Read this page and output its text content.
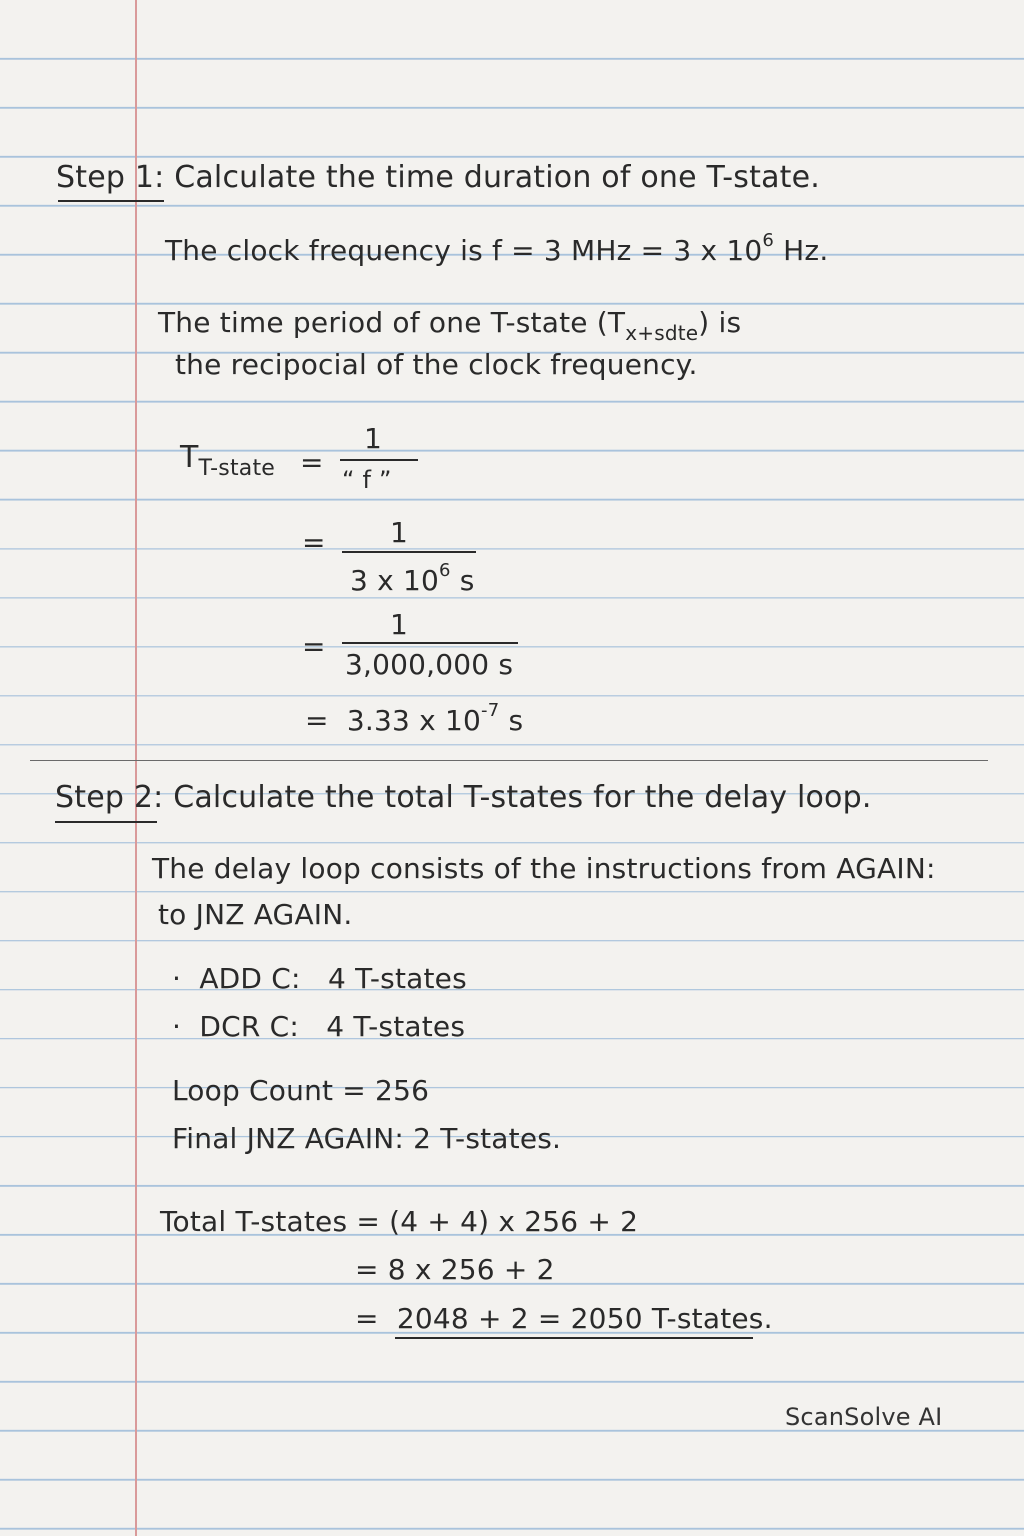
Step 1: Calculate the time duration of one T-state.
The clock frequency is f = 3 MHz = 3 x $10^6$ Hz.
The time period of one T-state $(T_{x+sdte})$ is
the recipocial of the clock frequency.
$T_{T-state}$ =
1
“ f ”
= 1
3 x $10^6$ s
=
1
3,000,000 s
= 3.33 x $10^{-7}$ s
Step 2: Calculate the total T-states for the delay loop.
The delay loop consists of the instructions from AGAIN:
to JNZ AGAIN.
· ADD C: 4 T-states
· DCR C: 4 T-states
Loop Count = 256
Final JNZ AGAIN: 2 T-states.
Total T-states = (4 + 4) x 256 + 2
= 8 x 256 + 2
= 2048 + 2 = 2050 T-states.
ScanSolve AI
